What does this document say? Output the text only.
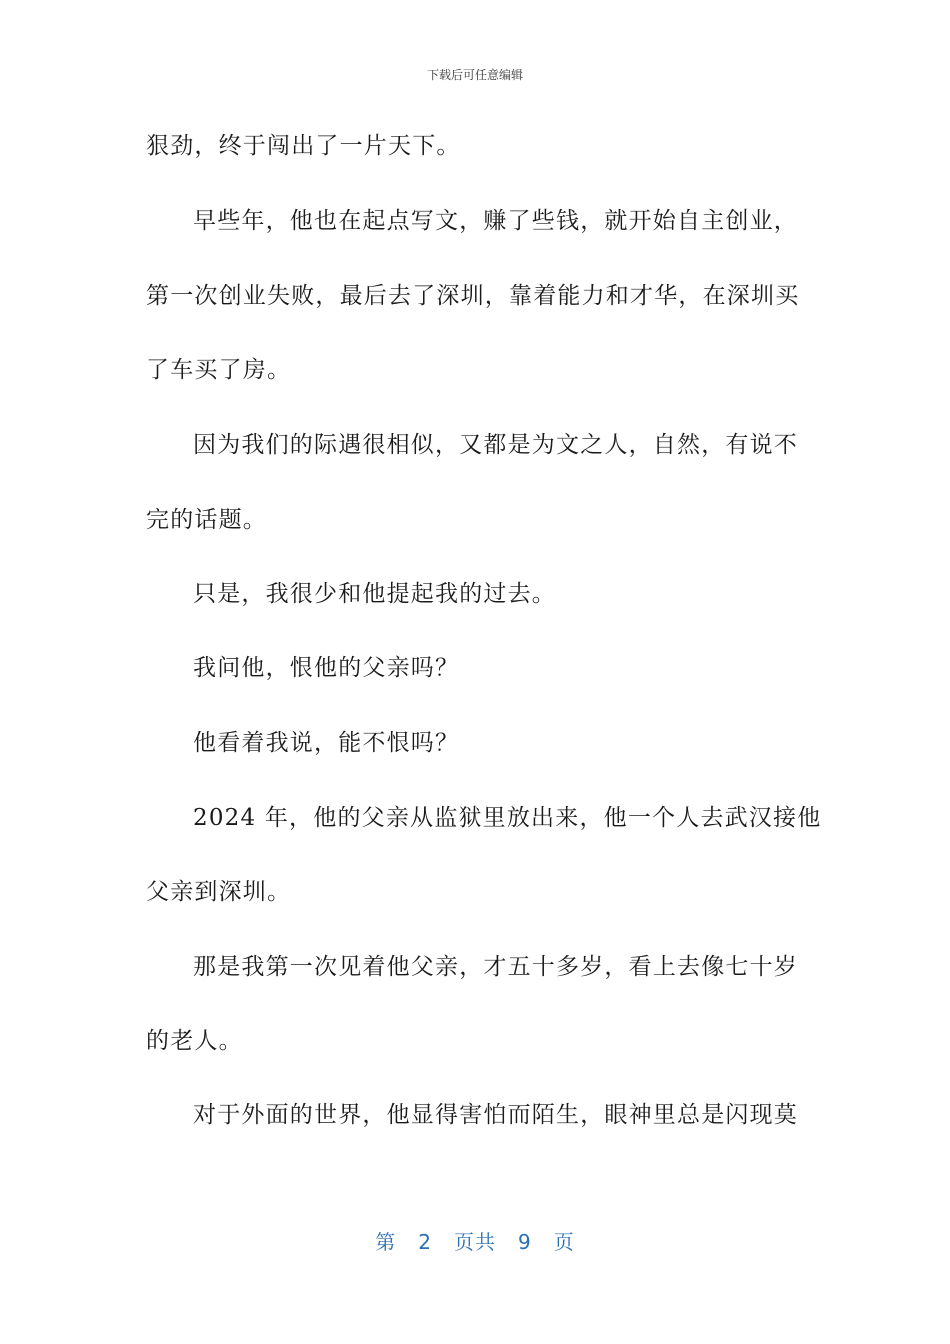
下载后可任意编辑
狠劲，终于闯出了一片天下。
早些年，他也在起点写文，赚了些钱，就开始自主创业，
第一次创业失败，最后去了深圳，靠着能力和才华，在深圳买
了车买了房。
因为我们的际遇很相似，又都是为文之人，自然，有说不
完的话题。
只是，我很少和他提起我的过去。
我问他，恨他的父亲吗？
他看着我说，能不恨吗？
2024 年，他的父亲从监狱里放出来，他一个人去武汉接他
父亲到深圳。
那是我第一次见着他父亲，才五十多岁，看上去像七十岁
的老人。
对于外面的世界，他显得害怕而陌生，眼神里总是闪现莫
第 2 页共 9 页
